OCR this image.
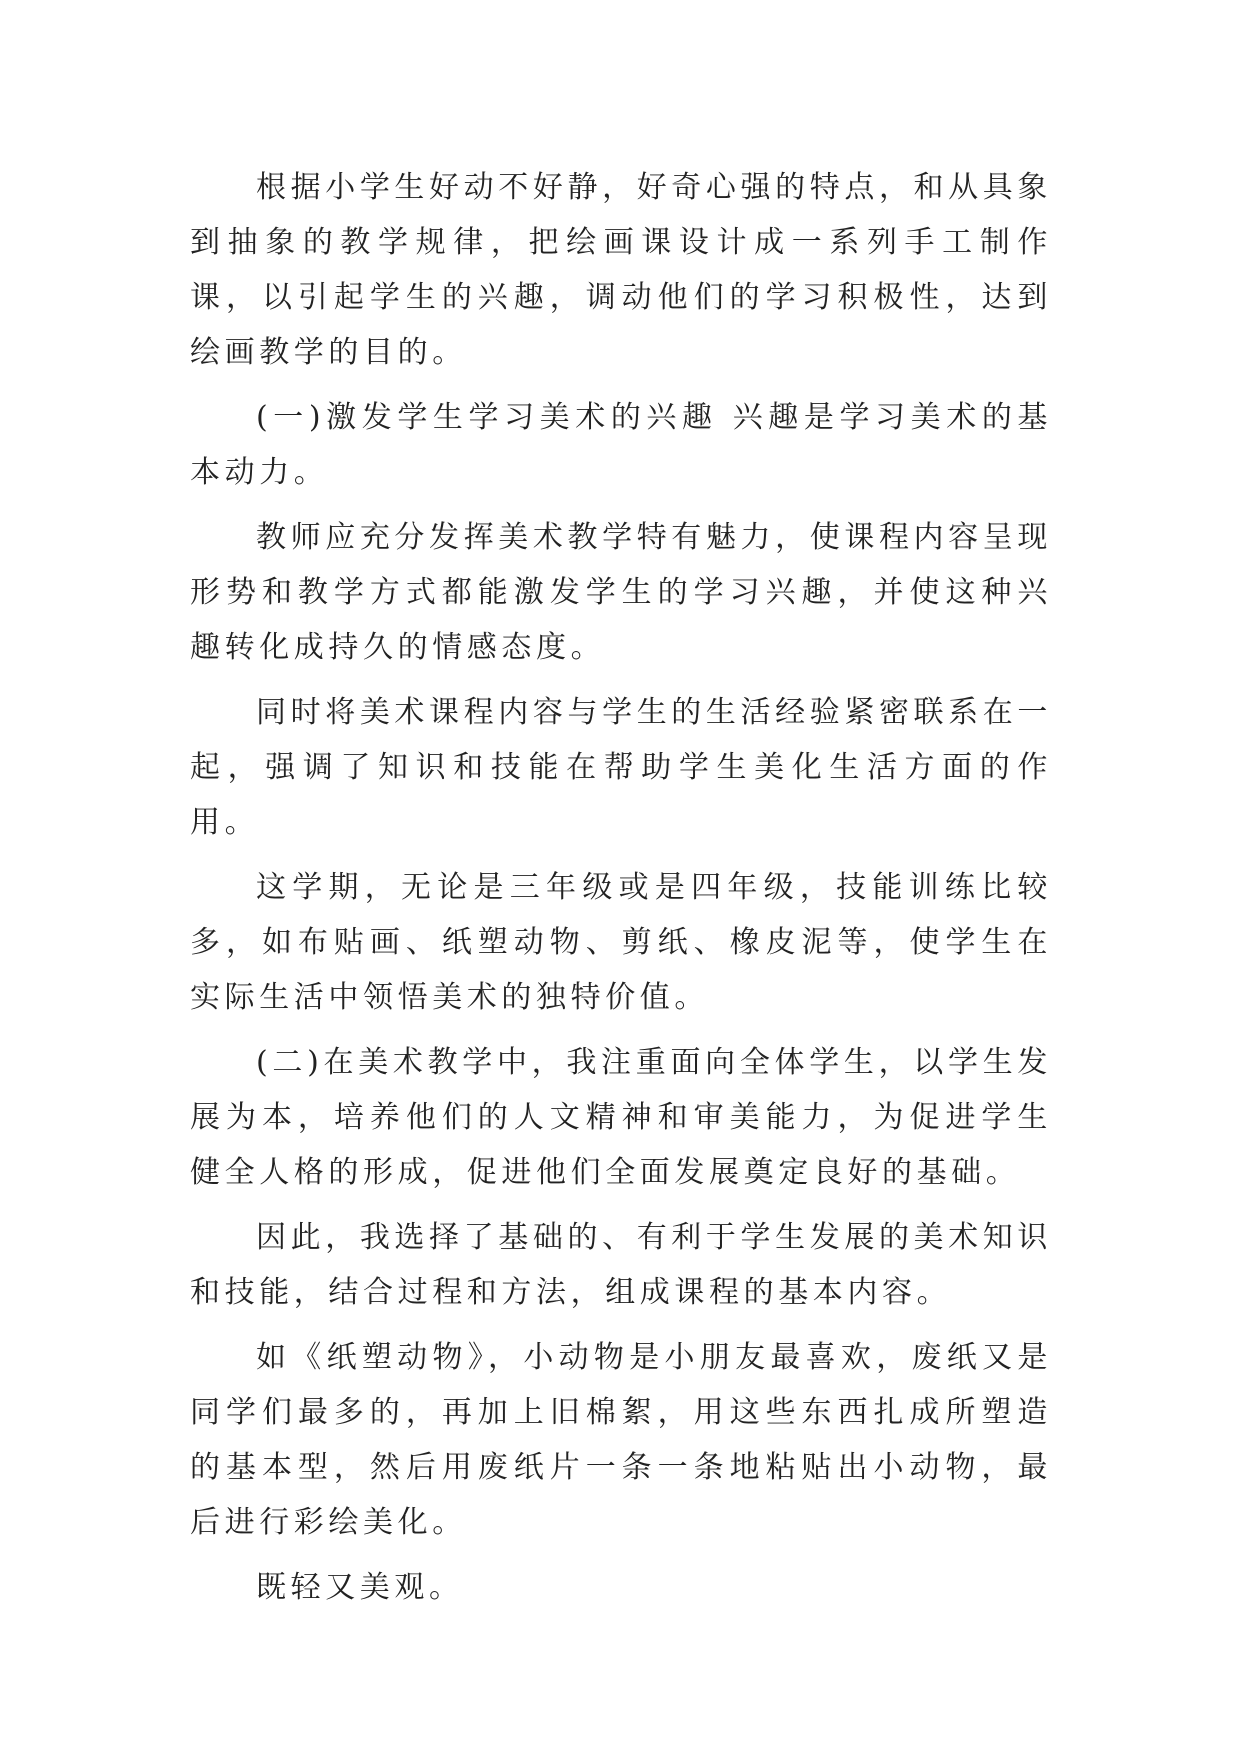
根据小学生好动不好静，好奇心强的特点，和从具象到抽象的教学规律，把绘画课设计成一系列手工制作课，以引起学生的兴趣，调动他们的学习积极性，达到绘画教学的目的。

(一)激发学生学习美术的兴趣 兴趣是学习美术的基本动力。

教师应充分发挥美术教学特有魅力，使课程内容呈现形势和教学方式都能激发学生的学习兴趣，并使这种兴趣转化成持久的情感态度。

同时将美术课程内容与学生的生活经验紧密联系在一起，强调了知识和技能在帮助学生美化生活方面的作用。

这学期，无论是三年级或是四年级，技能训练比较多，如布贴画、纸塑动物、剪纸、橡皮泥等，使学生在实际生活中领悟美术的独特价值。

(二)在美术教学中，我注重面向全体学生，以学生发展为本，培养他们的人文精神和审美能力，为促进学生健全人格的形成，促进他们全面发展奠定良好的基础。

因此，我选择了基础的、有利于学生发展的美术知识和技能，结合过程和方法，组成课程的基本内容。

如《纸塑动物》，小动物是小朋友最喜欢，废纸又是同学们最多的，再加上旧棉絮，用这些东西扎成所塑造的基本型，然后用废纸片一条一条地粘贴出小动物，最后进行彩绘美化。

既轻又美观。
